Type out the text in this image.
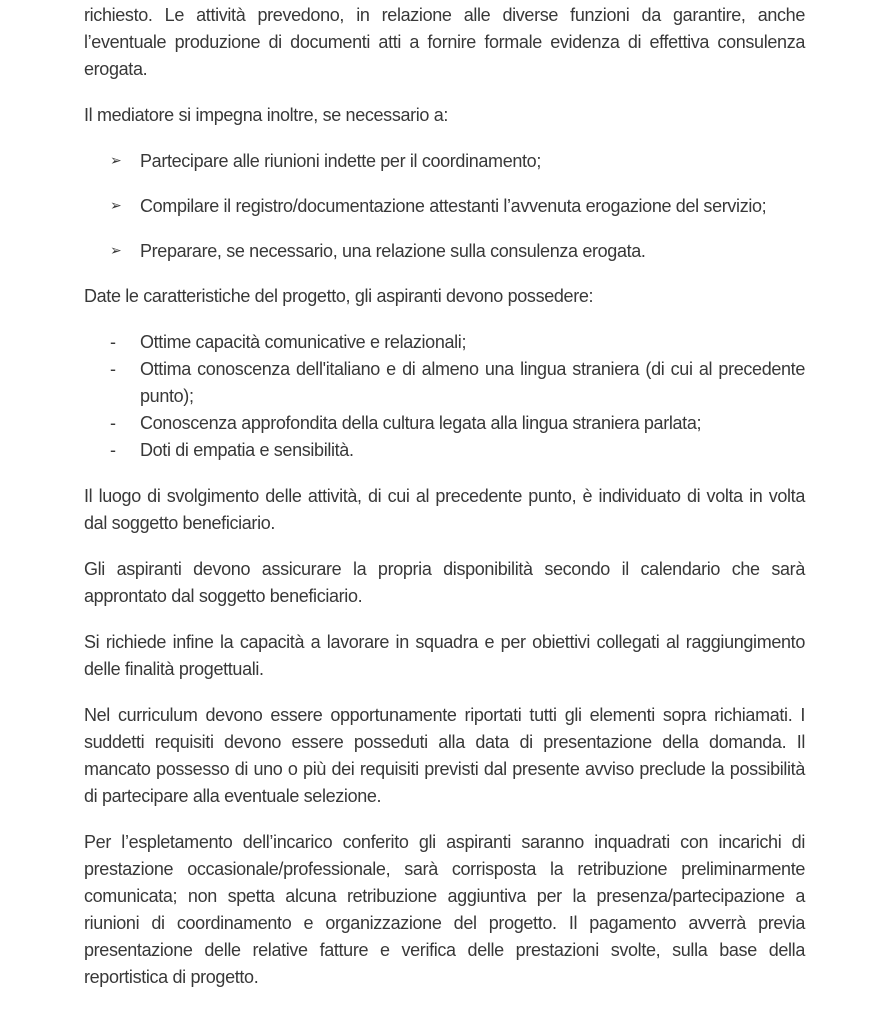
richiesto. Le attività prevedono, in relazione alle diverse funzioni da garantire, anche l’eventuale produzione di documenti atti a fornire formale evidenza di effettiva consulenza erogata.

Il mediatore si impegna inoltre, se necessario a:

➢	Partecipare alle riunioni indette per il coordinamento;
➢	Compilare il registro/documentazione attestanti l’avvenuta erogazione del servizio;
➢	Preparare, se necessario, una relazione sulla consulenza erogata.

Date le caratteristiche del progetto, gli aspiranti devono possedere:

-	Ottime capacità comunicative e relazionali;
-	Ottima conoscenza dell'italiano e di almeno una lingua straniera (di cui al precedente punto);
-	Conoscenza approfondita della cultura legata alla lingua straniera parlata;
-	Doti di empatia e sensibilità.

Il luogo di svolgimento delle attività, di cui al precedente punto, è individuato di volta in volta dal soggetto beneficiario.

Gli aspiranti devono assicurare la propria disponibilità secondo il calendario che sarà approntato dal soggetto beneficiario.

Si richiede infine la capacità a lavorare in squadra e per obiettivi collegati al raggiungimento delle finalità progettuali.

Nel curriculum devono essere opportunamente riportati tutti gli elementi sopra richiamati. I suddetti requisiti devono essere posseduti alla data di presentazione della domanda. Il mancato possesso di uno o più dei requisiti previsti dal presente avviso preclude la possibilità di partecipare alla eventuale selezione.

Per l’espletamento dell’incarico conferito gli aspiranti saranno inquadrati con incarichi di prestazione occasionale/professionale, sarà corrisposta la retribuzione preliminarmente comunicata; non spetta alcuna retribuzione aggiuntiva per la presenza/partecipazione a riunioni di coordinamento e organizzazione del progetto. Il pagamento avverrà previa presentazione delle relative fatture e verifica delle prestazioni svolte, sulla base della reportistica di progetto.
